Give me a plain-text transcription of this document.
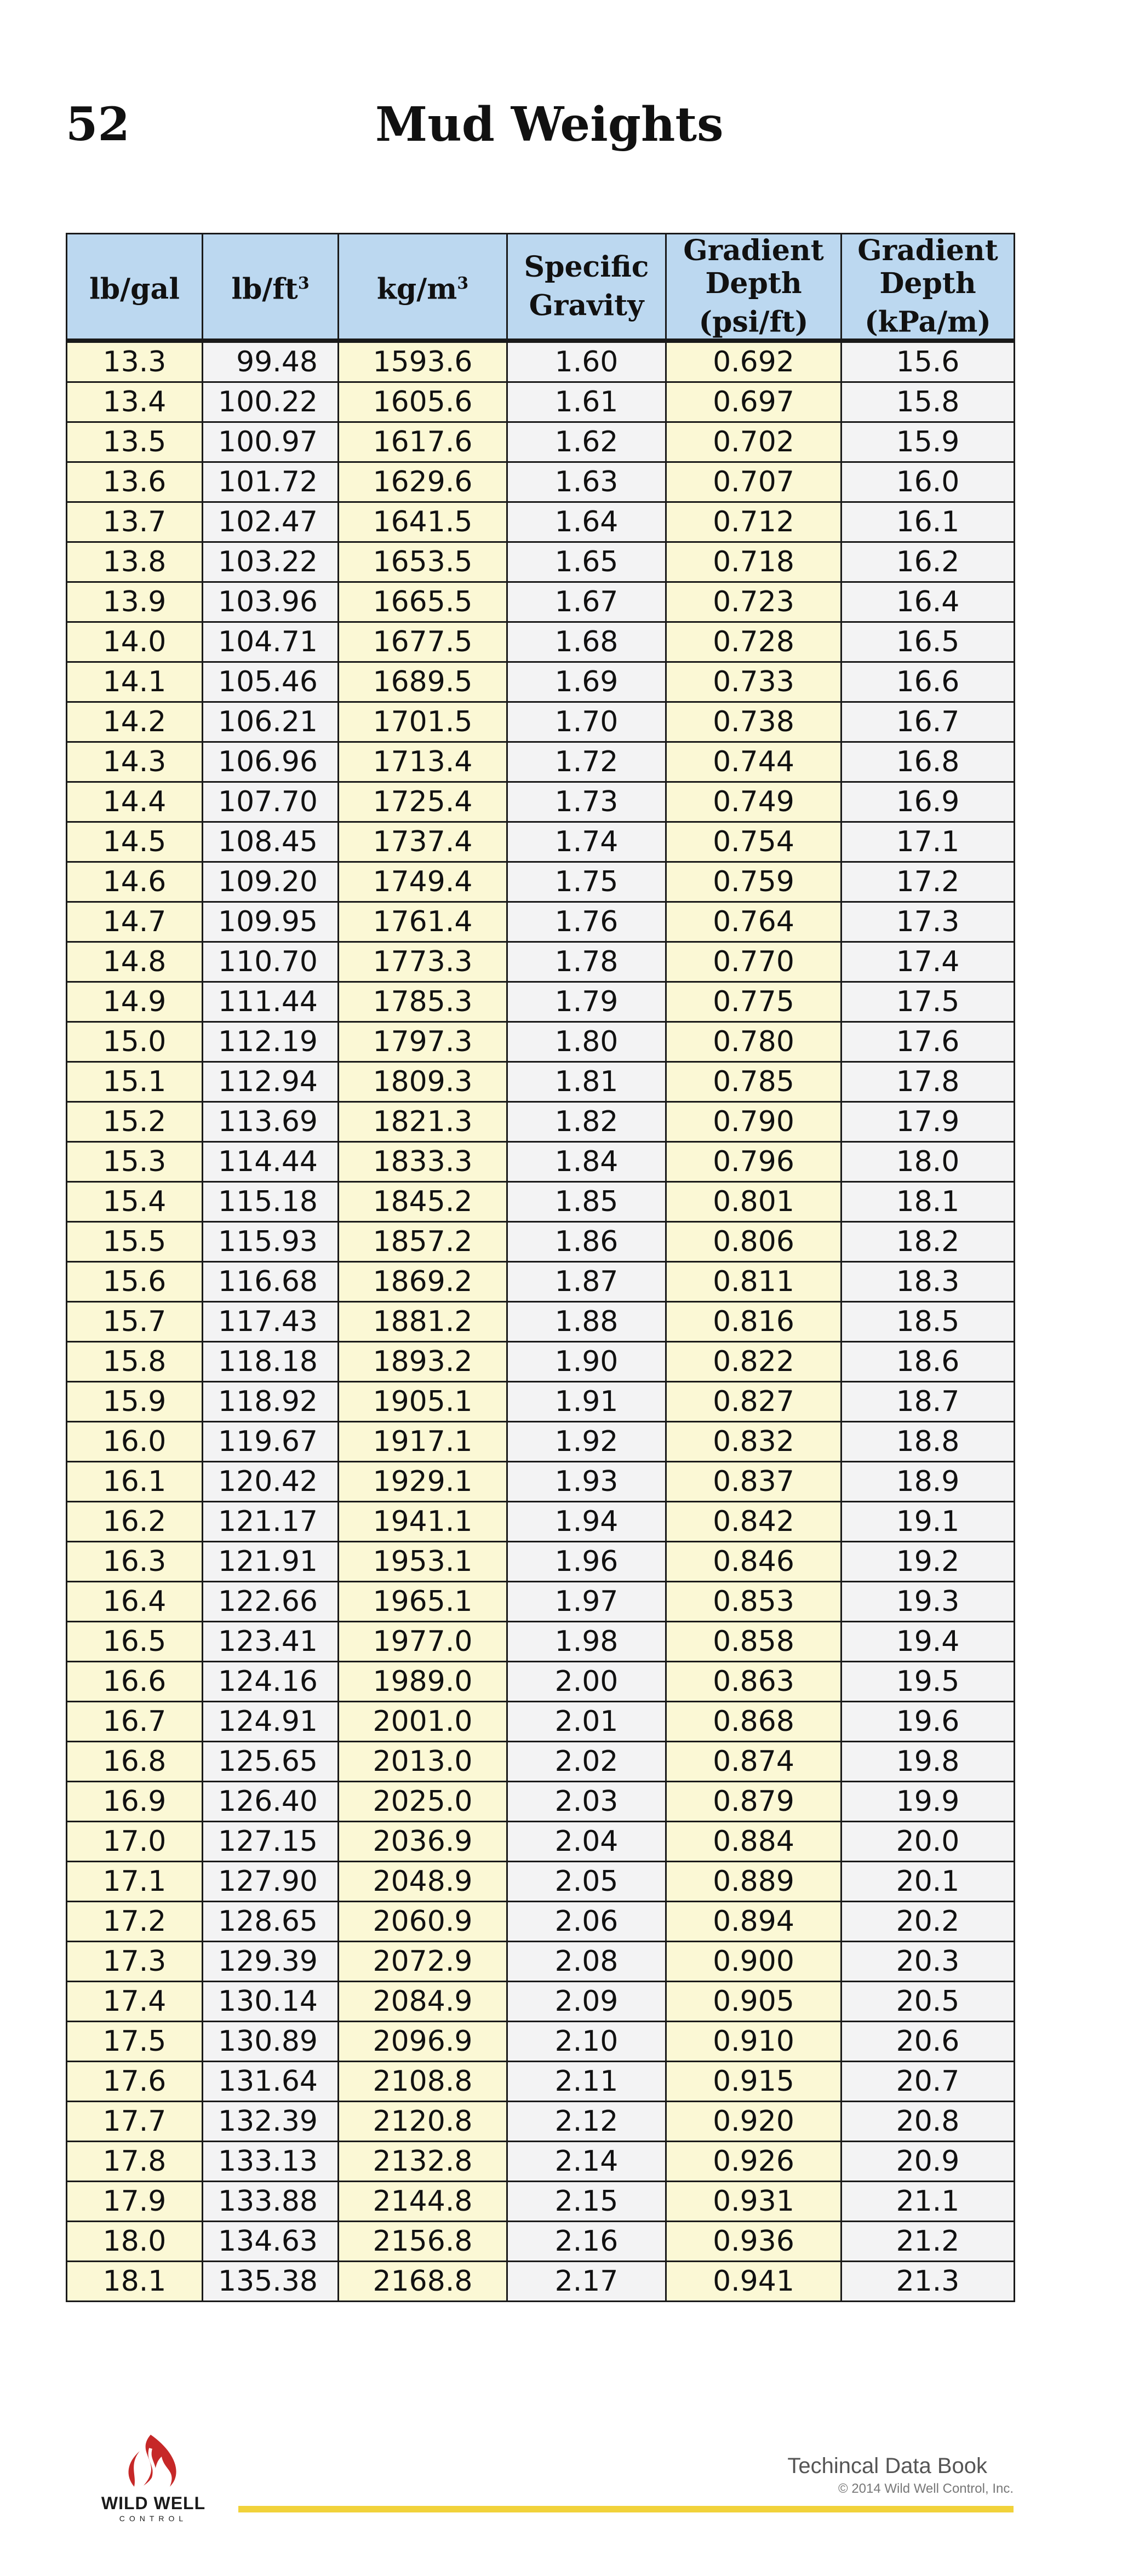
52	Mud Weights
lb/gal	$lb/ft^3$	$kg/m^3$	Specific Gravity	Gradient Depth (psi/ft)	Gradient Depth (kPa/m)
13.3	99.48	1593.6	1.60	0.692	15.6
13.4	100.22	1605.6	1.61	0.697	15.8
13.5	100.97	1617.6	1.62	0.702	15.9
13.6	101.72	1629.6	1.63	0.707	16.0
13.7	102.47	1641.5	1.64	0.712	16.1
13.8	103.22	1653.5	1.65	0.718	16.2
13.9	103.96	1665.5	1.67	0.723	16.4
14.0	104.71	1677.5	1.68	0.728	16.5
14.1	105.46	1689.5	1.69	0.733	16.6
14.2	106.21	1701.5	1.70	0.738	16.7
14.3	106.96	1713.4	1.72	0.744	16.8
14.4	107.70	1725.4	1.73	0.749	16.9
14.5	108.45	1737.4	1.74	0.754	17.1
14.6	109.20	1749.4	1.75	0.759	17.2
14.7	109.95	1761.4	1.76	0.764	17.3
14.8	110.70	1773.3	1.78	0.770	17.4
14.9	111.44	1785.3	1.79	0.775	17.5
15.0	112.19	1797.3	1.80	0.780	17.6
15.1	112.94	1809.3	1.81	0.785	17.8
15.2	113.69	1821.3	1.82	0.790	17.9
15.3	114.44	1833.3	1.84	0.796	18.0
15.4	115.18	1845.2	1.85	0.801	18.1
15.5	115.93	1857.2	1.86	0.806	18.2
15.6	116.68	1869.2	1.87	0.811	18.3
15.7	117.43	1881.2	1.88	0.816	18.5
15.8	118.18	1893.2	1.90	0.822	18.6
15.9	118.92	1905.1	1.91	0.827	18.7
16.0	119.67	1917.1	1.92	0.832	18.8
16.1	120.42	1929.1	1.93	0.837	18.9
16.2	121.17	1941.1	1.94	0.842	19.1
16.3	121.91	1953.1	1.96	0.846	19.2
16.4	122.66	1965.1	1.97	0.853	19.3
16.5	123.41	1977.0	1.98	0.858	19.4
16.6	124.16	1989.0	2.00	0.863	19.5
16.7	124.91	2001.0	2.01	0.868	19.6
16.8	125.65	2013.0	2.02	0.874	19.8
16.9	126.40	2025.0	2.03	0.879	19.9
17.0	127.15	2036.9	2.04	0.884	20.0
17.1	127.90	2048.9	2.05	0.889	20.1
17.2	128.65	2060.9	2.06	0.894	20.2
17.3	129.39	2072.9	2.08	0.900	20.3
17.4	130.14	2084.9	2.09	0.905	20.5
17.5	130.89	2096.9	2.10	0.910	20.6
17.6	131.64	2108.8	2.11	0.915	20.7
17.7	132.39	2120.8	2.12	0.920	20.8
17.8	133.13	2132.8	2.14	0.926	20.9
17.9	133.88	2144.8	2.15	0.931	21.1
18.0	134.63	2156.8	2.16	0.936	21.2
18.1	135.38	2168.8	2.17	0.941	21.3
WILD WELL
CONTROL
Techincal Data Book
© 2014 Wild Well Control, Inc.
